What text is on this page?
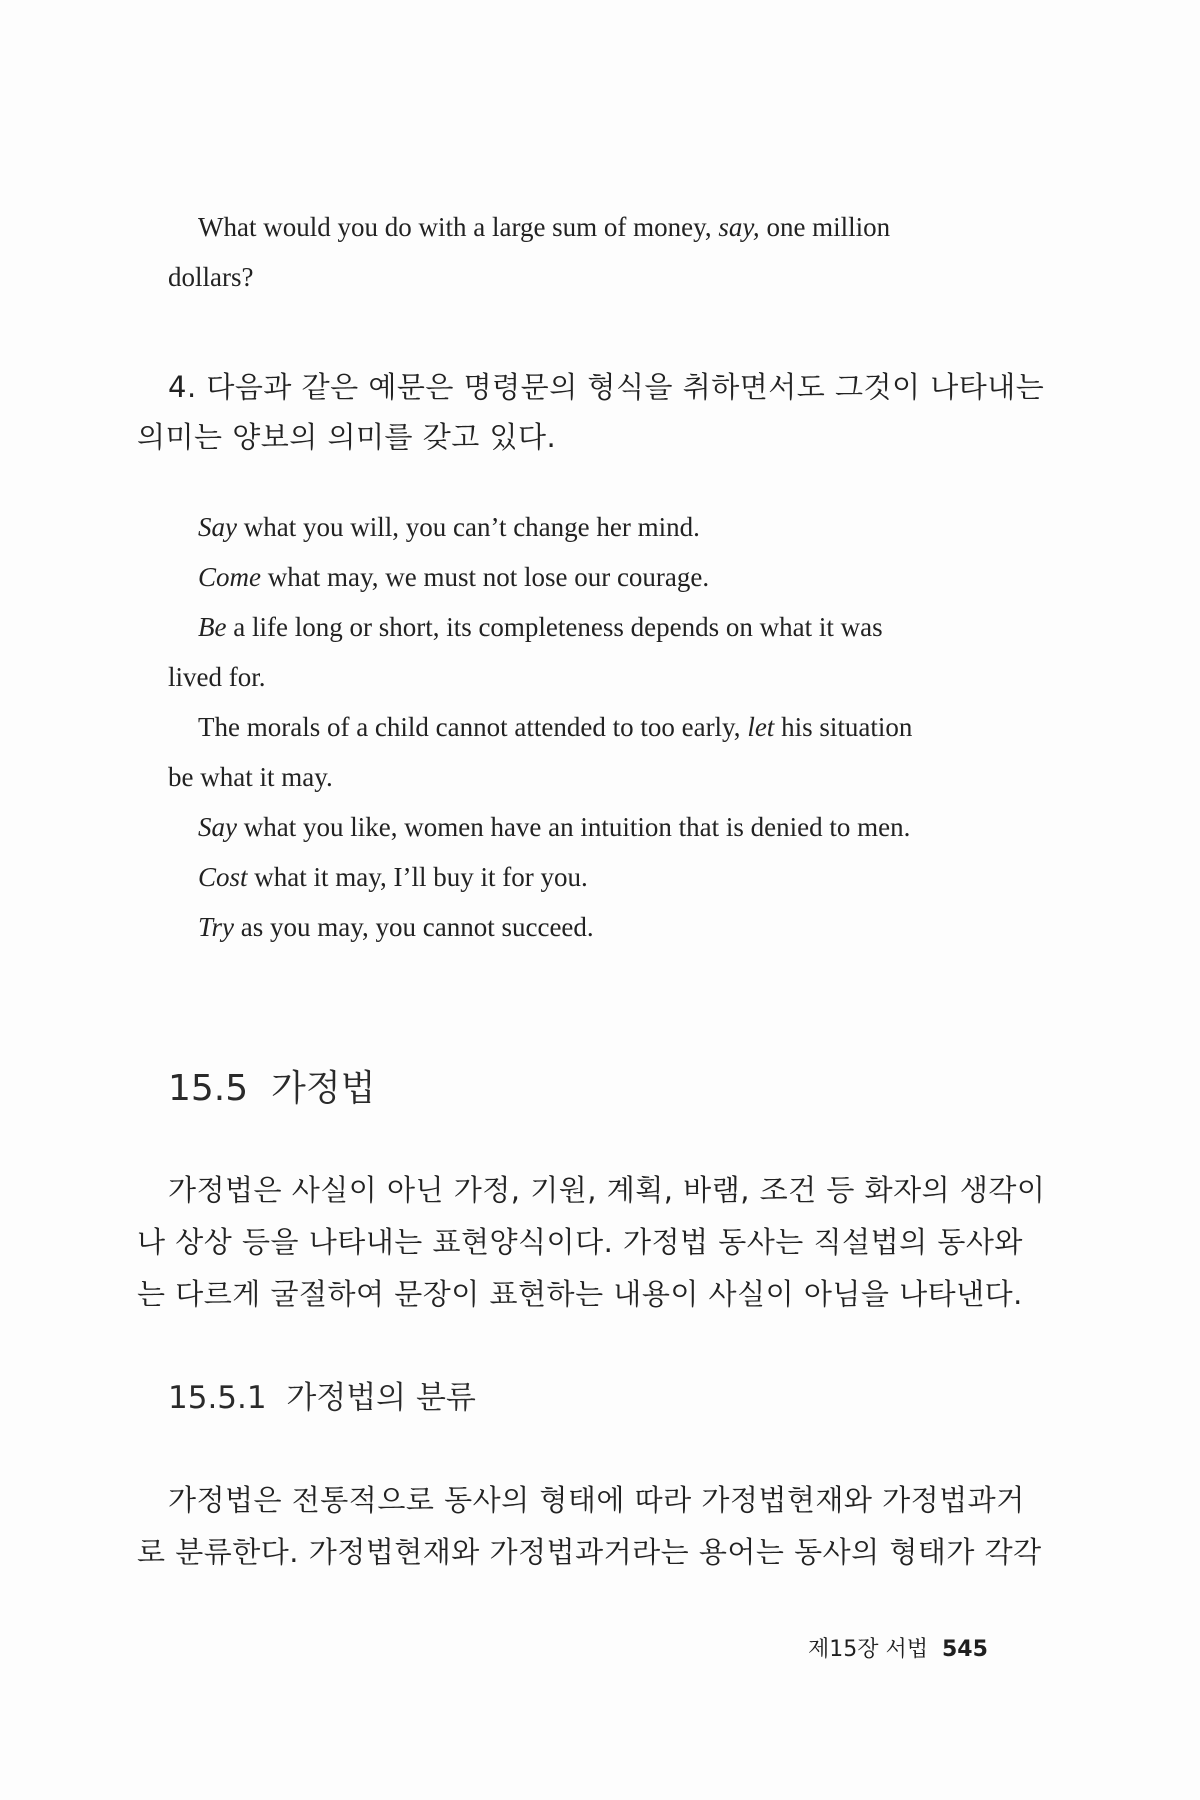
What would you do with a large sum of money, say, one million
dollars?
4. 다음과 같은 예문은 명령문의 형식을 취하면서도 그것이 나타내는
의미는 양보의 의미를 갖고 있다.
Say what you will, you can’t change her mind.
Come what may, we must not lose our courage.
Be a life long or short, its completeness depends on what it was
lived for.
The morals of a child cannot attended to too early, let his situation
be what it may.
Say what you like, women have an intuition that is denied to men.
Cost what it may, I’ll buy it for you.
Try as you may, you cannot succeed.
15.5 가정법
가정법은 사실이 아닌 가정, 기원, 계획, 바램, 조건 등 화자의 생각이
나 상상 등을 나타내는 표현양식이다. 가정법 동사는 직설법의 동사와
는 다르게 굴절하여 문장이 표현하는 내용이 사실이 아님을 나타낸다.
15.5.1 가정법의 분류
가정법은 전통적으로 동사의 형태에 따라 가정법현재와 가정법과거
로 분류한다. 가정법현재와 가정법과거라는 용어는 동사의 형태가 각각
제15장 서법 545
